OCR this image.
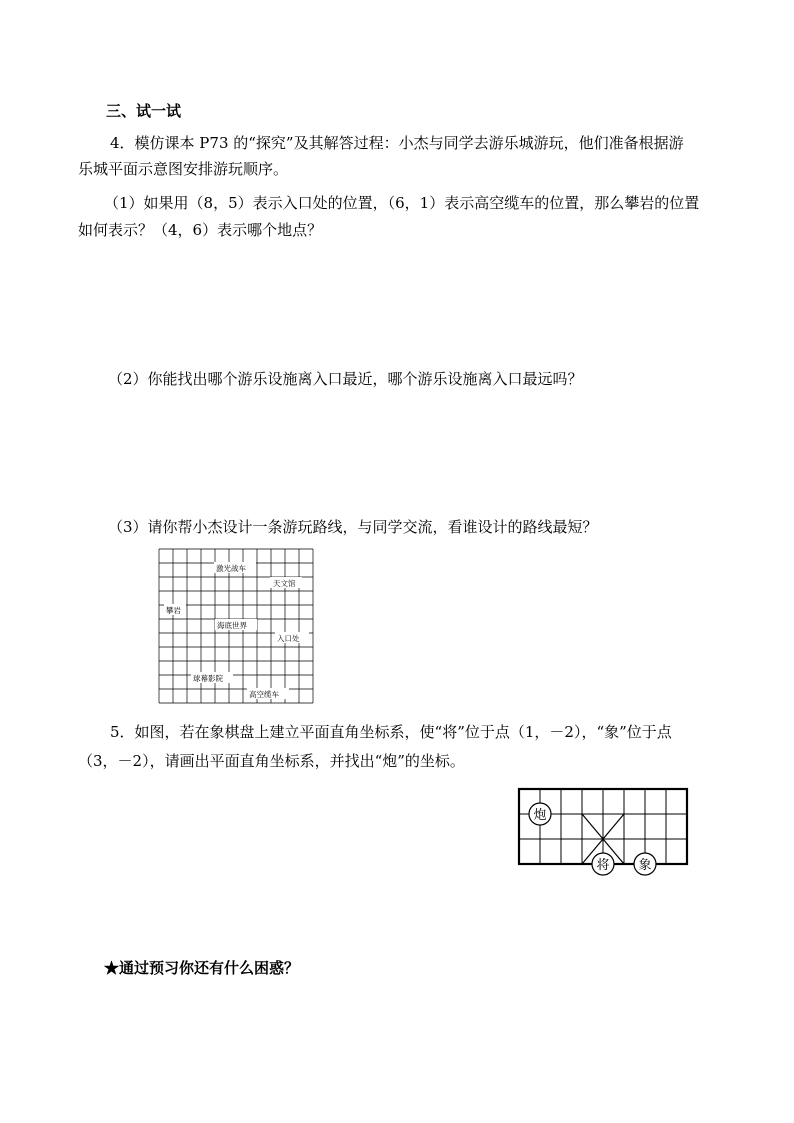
三、试一试
4．模仿课本 P73 的“探究”及其解答过程：小杰与同学去游乐城游玩，他们准备根据游
乐城平面示意图安排游玩顺序。
（1）如果用（8，5）表示入口处的位置，（6，1）表示高空缆车的位置，那么攀岩的位置
如何表示？（4，6）表示哪个地点？
（2）你能找出哪个游乐设施离入口最近，哪个游乐设施离入口最远吗？
（3）请你帮小杰设计一条游玩路线，与同学交流，看谁设计的路线最短？
激光战车
天文馆
攀岩
海底世界
入口处
球幕影院
高空缆车
5．如图，若在象棋盘上建立平面直角坐标系，使“将”位于点（1，－2），“象”位于点
（3，－2），请画出平面直角坐标系，并找出“炮”的坐标。
炮
将 象
★通过预习你还有什么困惑？
